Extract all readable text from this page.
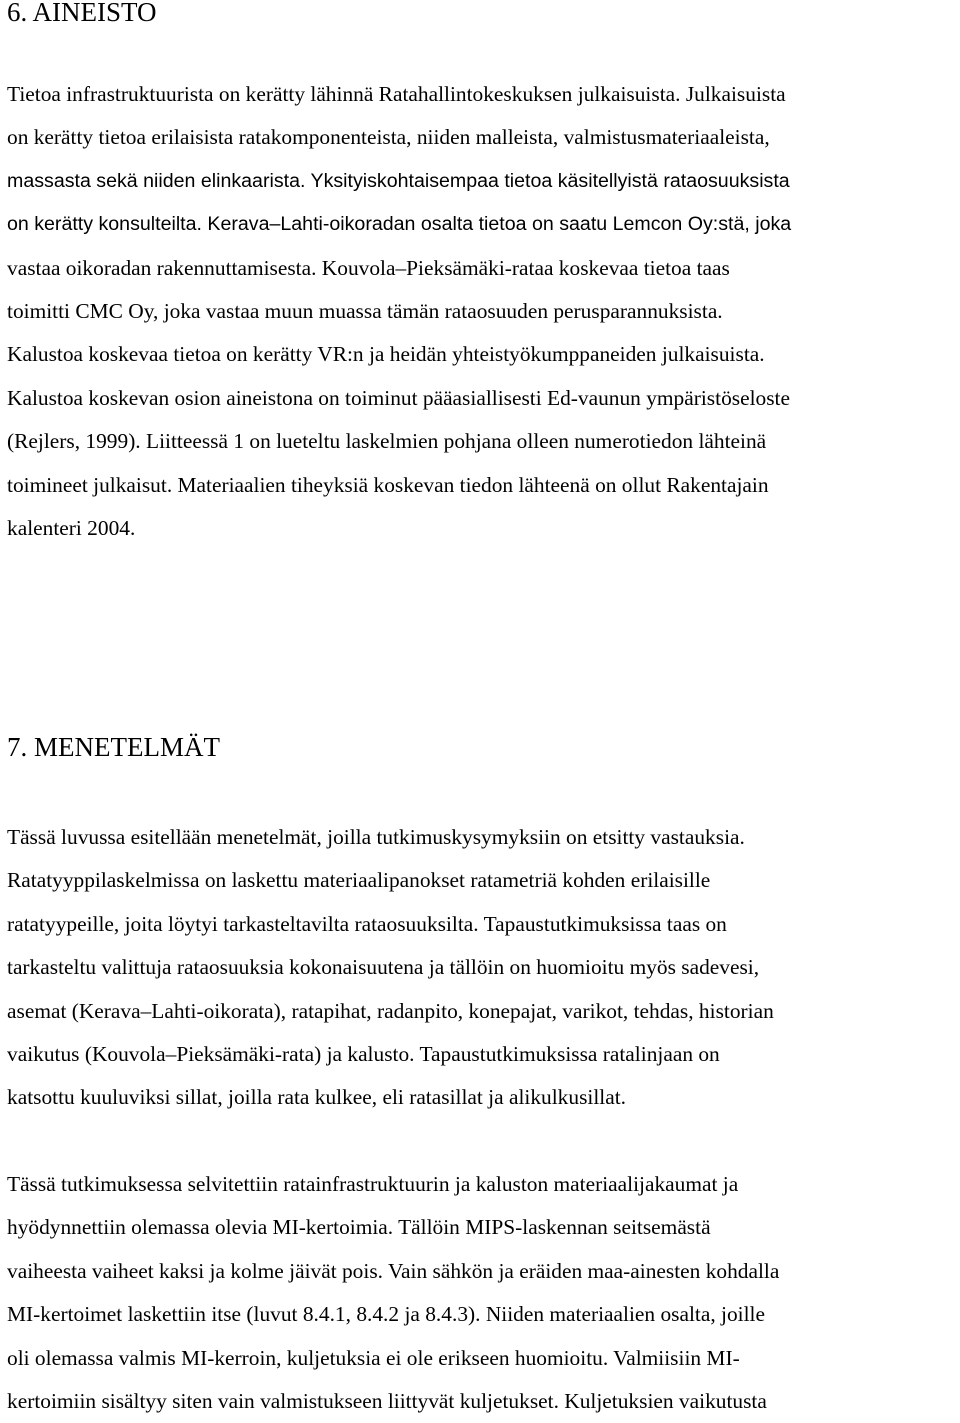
6. AINEISTO
Tietoa infrastruktuurista on kerätty lähinnä Ratahallintokeskuksen julkaisuista. Julkaisuista
on kerätty tietoa erilaisista ratakomponenteista, niiden malleista, valmistusmateriaaleista,
massasta sekä niiden elinkaarista. Yksityiskohtaisempaa tietoa käsitellyistä rataosuuksista
on kerätty konsulteilta. Kerava–Lahti-oikoradan osalta tietoa on saatu Lemcon Oy:stä, joka
vastaa oikoradan rakennuttamisesta. Kouvola–Pieksämäki-rataa koskevaa tietoa taas
toimitti CMC Oy, joka vastaa muun muassa tämän rataosuuden perusparannuksista.
Kalustoa koskevaa tietoa on kerätty VR:n ja heidän yhteistyökumppaneiden julkaisuista.
Kalustoa koskevan osion aineistona on toiminut pääasiallisesti Ed-vaunun ympäristöseloste
(Rejlers, 1999). Liitteessä 1 on lueteltu laskelmien pohjana olleen numerotiedon lähteinä
toimineet julkaisut. Materiaalien tiheyksiä koskevan tiedon lähteenä on ollut Rakentajain
kalenteri 2004.
7. MENETELMÄT
Tässä luvussa esitellään menetelmät, joilla tutkimuskysymyksiin on etsitty vastauksia.
Ratatyyppilaskelmissa on laskettu materiaalipanokset ratametriä kohden erilaisille
ratatyypeille, joita löytyi tarkasteltavilta rataosuuksilta. Tapaustutkimuksissa taas on
tarkasteltu valittuja rataosuuksia kokonaisuutena ja tällöin on huomioitu myös sadevesi,
asemat (Kerava–Lahti-oikorata), ratapihat, radanpito, konepajat, varikot, tehdas, historian
vaikutus (Kouvola–Pieksämäki-rata) ja kalusto. Tapaustutkimuksissa ratalinjaan on
katsottu kuuluviksi sillat, joilla rata kulkee, eli ratasillat ja alikulkusillat.
Tässä tutkimuksessa selvitettiin ratainfrastruktuurin ja kaluston materiaalijakaumat ja
hyödynnettiin olemassa olevia MI-kertoimia. Tällöin MIPS-laskennan seitsemästä
vaiheesta vaiheet kaksi ja kolme jäivät pois. Vain sähkön ja eräiden maa-ainesten kohdalla
MI-kertoimet laskettiin itse (luvut 8.4.1, 8.4.2 ja 8.4.3). Niiden materiaalien osalta, joille
oli olemassa valmis MI-kerroin, kuljetuksia ei ole erikseen huomioitu. Valmiisiin MI-
kertoimiin sisältyy siten vain valmistukseen liittyvät kuljetukset. Kuljetuksien vaikutusta
